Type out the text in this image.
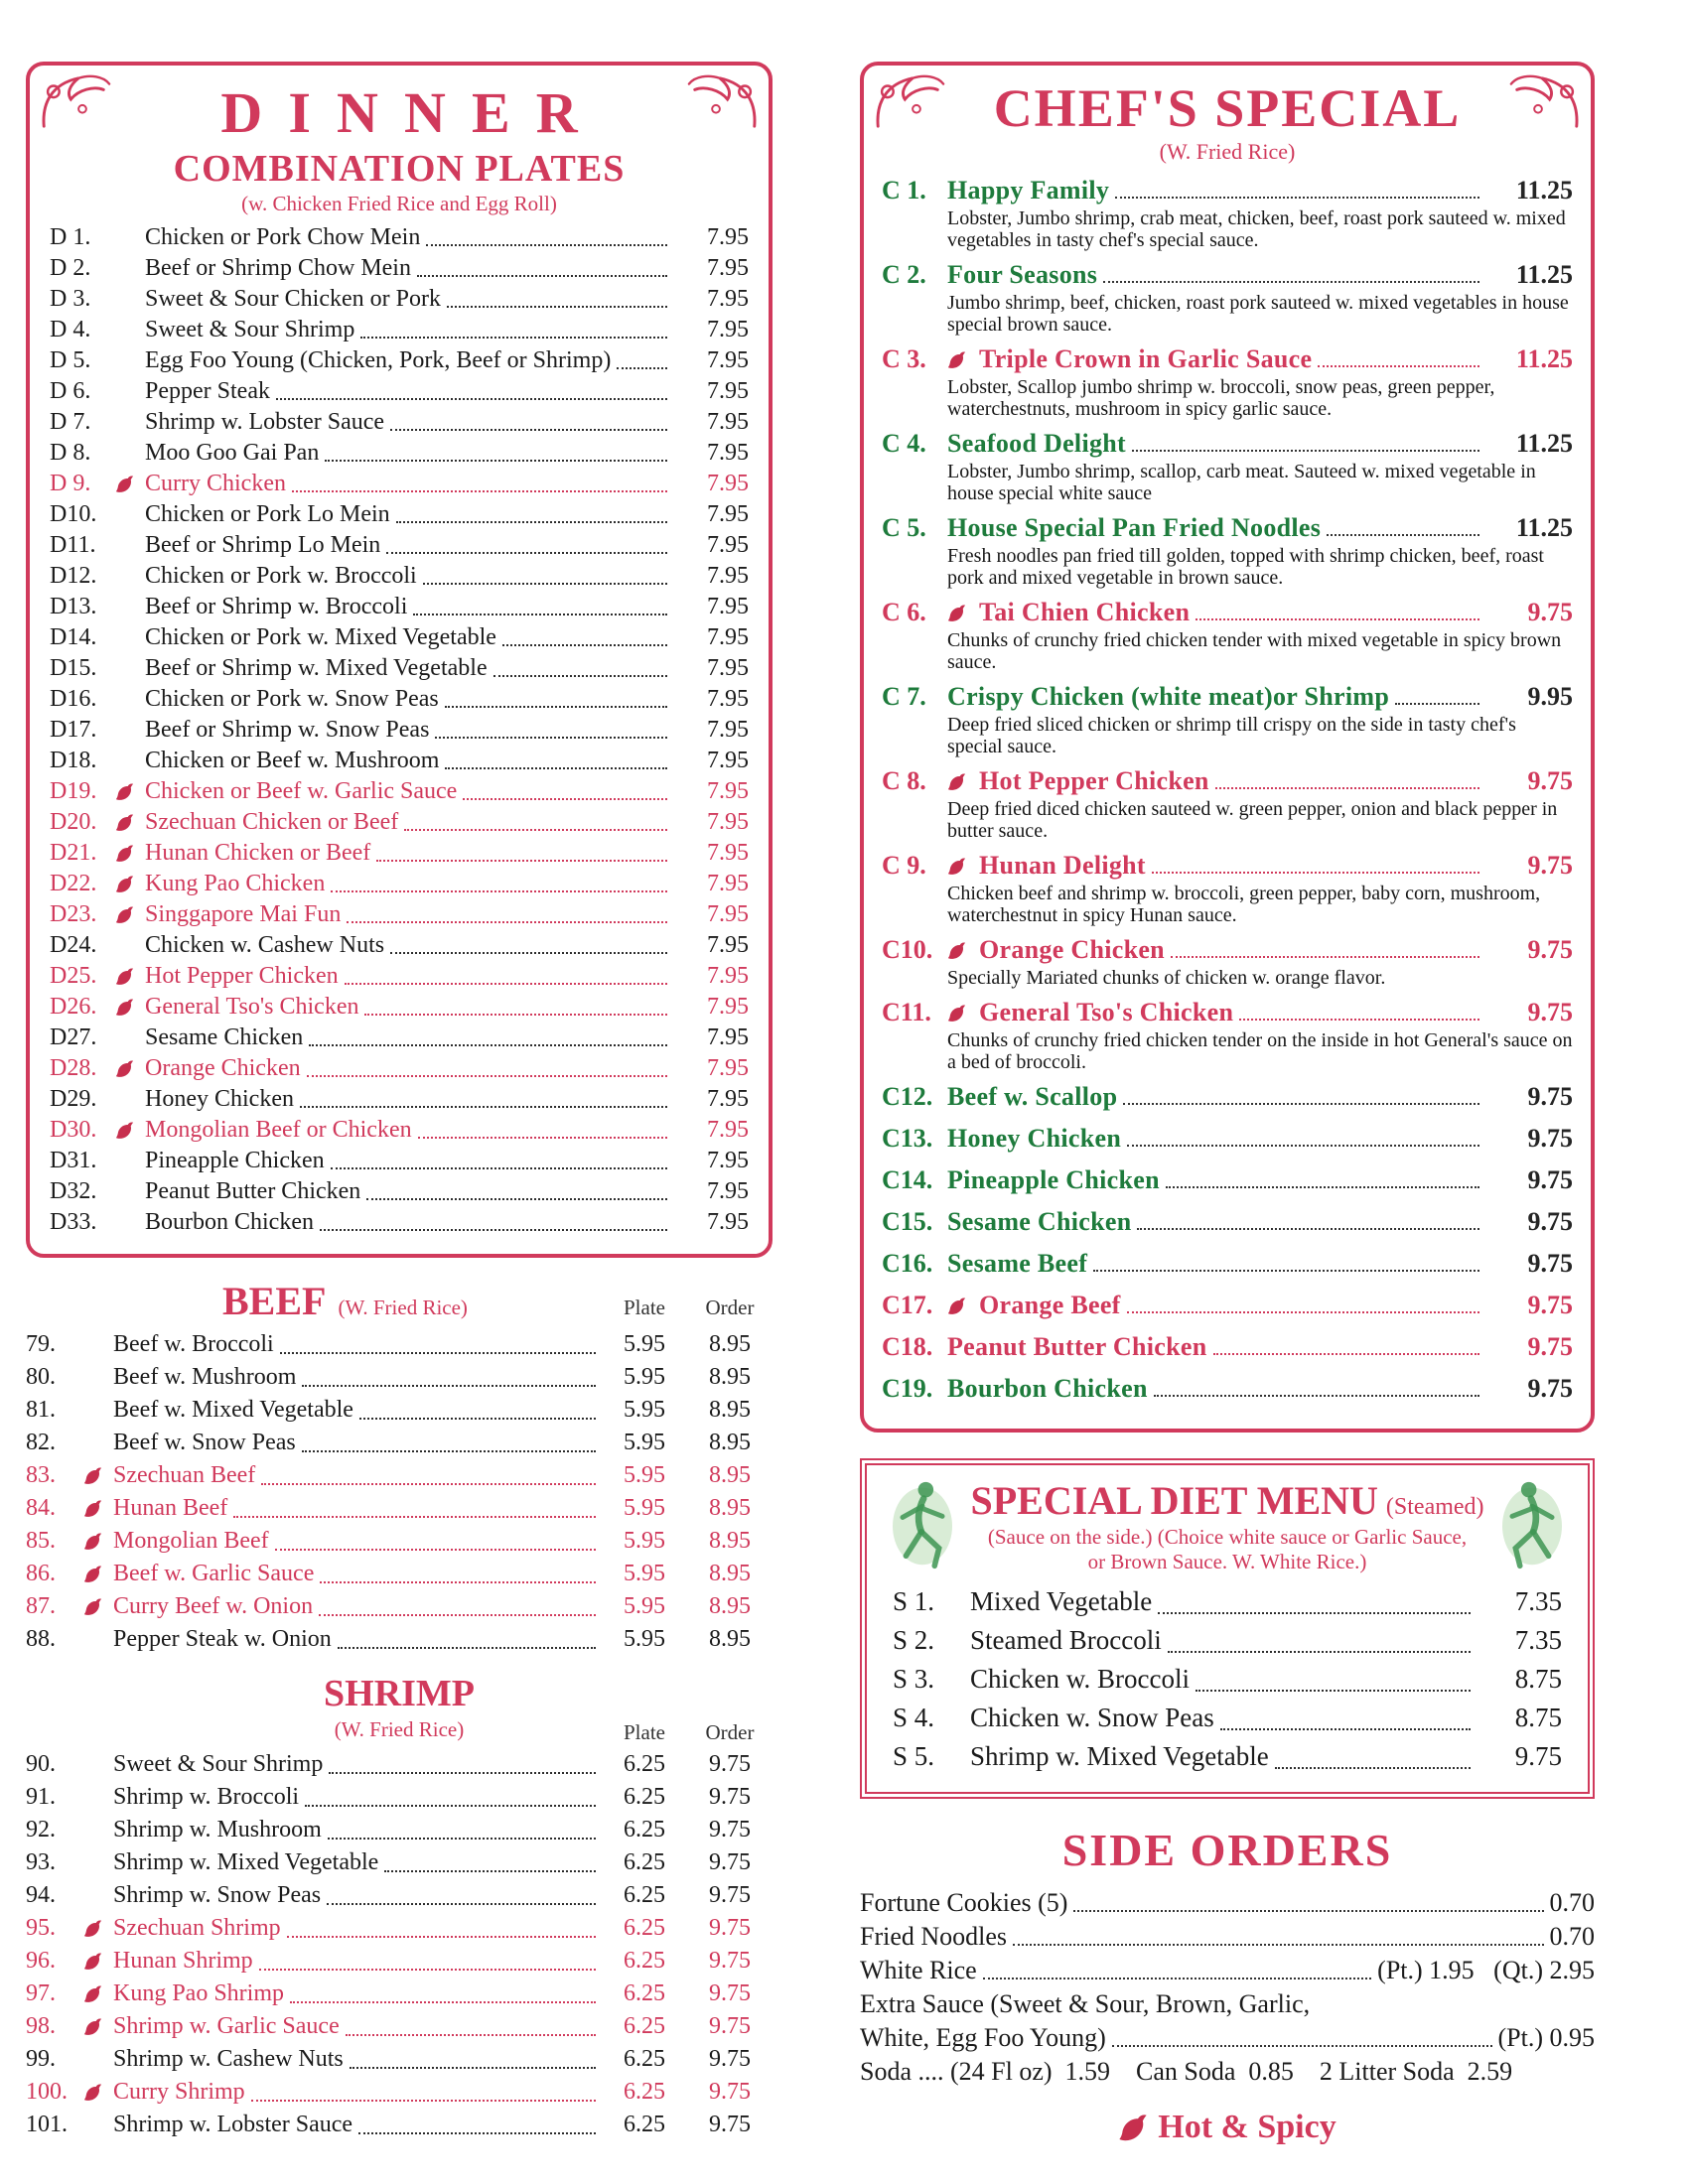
DINNER
COMBINATION PLATES
(w. Chicken Fried Rice and Egg Roll)
D 1.	Chicken or Pork Chow Mein	7.95
D 2.	Beef or Shrimp Chow Mein	7.95
D 3.	Sweet & Sour Chicken or Pork	7.95
D 4.	Sweet & Sour Shrimp	7.95
D 5.	Egg Foo Young (Chicken, Pork, Beef or Shrimp)	7.95
D 6.	Pepper Steak	7.95
D 7.	Shrimp w. Lobster Sauce	7.95
D 8.	Moo Goo Gai Pan	7.95
D 9.	Curry Chicken	7.95
D10.	Chicken or Pork Lo Mein	7.95
D11.	Beef or Shrimp Lo Mein	7.95
D12.	Chicken or Pork w. Broccoli	7.95
D13.	Beef or Shrimp w. Broccoli	7.95
D14.	Chicken or Pork w. Mixed Vegetable	7.95
D15.	Beef or Shrimp w. Mixed Vegetable	7.95
D16.	Chicken or Pork w. Snow Peas	7.95
D17.	Beef or Shrimp w. Snow Peas	7.95
D18.	Chicken or Beef w. Mushroom	7.95
D19.	Chicken or Beef w. Garlic Sauce	7.95
D20.	Szechuan Chicken or Beef	7.95
D21.	Hunan Chicken or Beef	7.95
D22.	Kung Pao Chicken	7.95
D23.	Singgapore Mai Fun	7.95
D24.	Chicken w. Cashew Nuts	7.95
D25.	Hot Pepper Chicken	7.95
D26.	General Tso's Chicken	7.95
D27.	Sesame Chicken	7.95
D28.	Orange Chicken	7.95
D29.	Honey Chicken	7.95
D30.	Mongolian Beef or Chicken	7.95
D31.	Pineapple Chicken	7.95
D32.	Peanut Butter Chicken	7.95
D33.	Bourbon Chicken	7.95
BEEF (W. Fried Rice)	Plate	Order
79.	Beef w. Broccoli	5.95	8.95
80.	Beef w. Mushroom	5.95	8.95
81.	Beef w. Mixed Vegetable	5.95	8.95
82.	Beef w. Snow Peas	5.95	8.95
83.	Szechuan Beef	5.95	8.95
84.	Hunan Beef	5.95	8.95
85.	Mongolian Beef	5.95	8.95
86.	Beef w. Garlic Sauce	5.95	8.95
87.	Curry Beef w. Onion	5.95	8.95
88.	Pepper Steak w. Onion	5.95	8.95
SHRIMP
(W. Fried Rice)	Plate	Order
90.	Sweet & Sour Shrimp	6.25	9.75
91.	Shrimp w. Broccoli	6.25	9.75
92.	Shrimp w. Mushroom	6.25	9.75
93.	Shrimp w. Mixed Vegetable	6.25	9.75
94.	Shrimp w. Snow Peas	6.25	9.75
95.	Szechuan Shrimp	6.25	9.75
96.	Hunan Shrimp	6.25	9.75
97.	Kung Pao Shrimp	6.25	9.75
98.	Shrimp w. Garlic Sauce	6.25	9.75
99.	Shrimp w. Cashew Nuts	6.25	9.75
100.	Curry Shrimp	6.25	9.75
101.	Shrimp w. Lobster Sauce	6.25	9.75
CHEF'S SPECIAL
(W. Fried Rice)
C 1. Happy Family	11.25
Lobster, Jumbo shrimp, crab meat, chicken, beef, roast pork sauteed w. mixed vegetables in tasty chef's special sauce.
C 2. Four Seasons	11.25
Jumbo shrimp, beef, chicken, roast pork sauteed w. mixed vegetables in house special brown sauce.
C 3.	Triple Crown in Garlic Sauce	11.25
Lobster, Scallop jumbo shrimp w. broccoli, snow peas, green pepper, waterchestnuts, mushroom in spicy garlic sauce.
C 4. Seafood Delight	11.25
Lobster, Jumbo shrimp, scallop, carb meat. Sauteed w. mixed vegetable in house special white sauce
C 5. House Special Pan Fried Noodles	11.25
Fresh noodles pan fried till golden, topped with shrimp chicken, beef, roast pork and mixed vegetable in brown sauce.
C 6.	Tai Chien Chicken	9.75
Chunks of crunchy fried chicken tender with mixed vegetable in spicy brown sauce.
C 7. Crispy Chicken (white meat)or Shrimp	9.95
Deep fried sliced chicken or shrimp till crispy on the side in tasty chef's special sauce.
C 8.	Hot Pepper Chicken	9.75
Deep fried diced chicken sauteed w. green pepper, onion and black pepper in butter sauce.
C 9.	Hunan Delight	9.75
Chicken beef and shrimp w. broccoli, green pepper, baby corn, mushroom, waterchestnut in spicy Hunan sauce.
C10.	Orange Chicken	9.75
Specially Mariated chunks of chicken w. orange flavor.
C11.	General Tso's Chicken	9.75
Chunks of crunchy fried chicken tender on the inside in hot General's sauce on a bed of broccoli.
C12. Beef w. Scallop	9.75
C13. Honey Chicken	9.75
C14. Pineapple Chicken	9.75
C15. Sesame Chicken	9.75
C16. Sesame Beef	9.75
C17.	Orange Beef	9.75
C18. Peanut Butter Chicken	9.75
C19. Bourbon Chicken	9.75
SPECIAL DIET MENU (Steamed)
(Sauce on the side.) (Choice white sauce or Garlic Sauce,
or Brown Sauce. W. White Rice.)
S 1.	Mixed Vegetable	7.35
S 2.	Steamed Broccoli	7.35
S 3.	Chicken w. Broccoli	8.75
S 4.	Chicken w. Snow Peas	8.75
S 5.	Shrimp w. Mixed Vegetable	9.75
SIDE ORDERS
Fortune Cookies (5)	0.70
Fried Noodles	0.70
White Rice	(Pt.) 1.95   (Qt.) 2.95
Extra Sauce (Sweet & Sour, Brown, Garlic,
White, Egg Foo Young)	(Pt.) 0.95
Soda .... (24 Fl oz)  1.59    Can Soda  0.85    2 Litter Soda  2.59
Hot & Spicy
